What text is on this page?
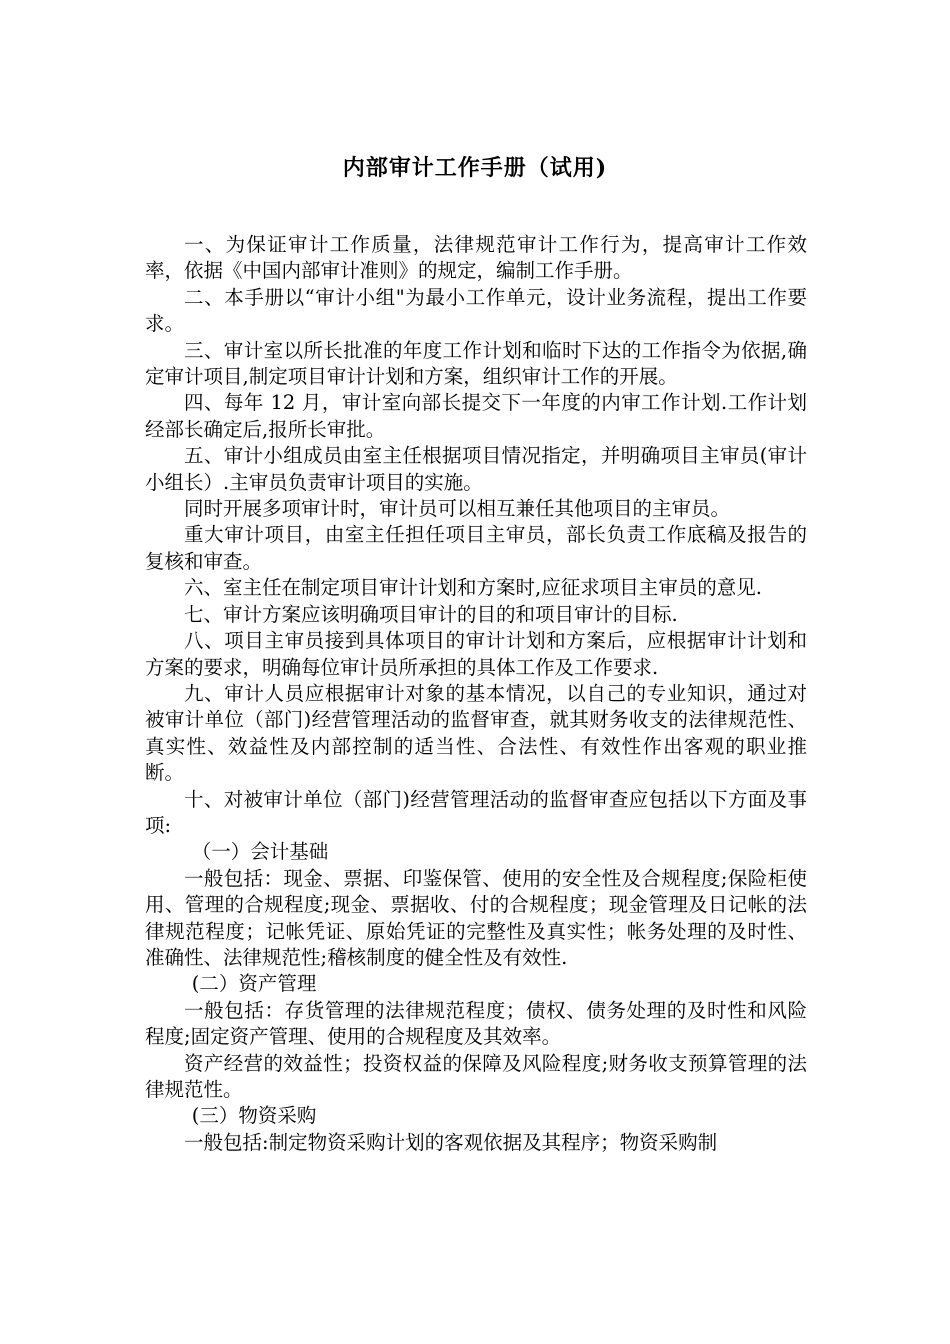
内部审计工作手册（试用)

一、为保证审计工作质量，法律规范审计工作行为，提高审计工作效率，依据《中国内部审计准则》的规定，编制工作手册。

二、本手册以“审计小组"为最小工作单元，设计业务流程，提出工作要求。

三、审计室以所长批准的年度工作计划和临时下达的工作指令为依据,确定审计项目,制定项目审计计划和方案，组织审计工作的开展。

四、每年 12 月，审计室向部长提交下一年度的内审工作计划.工作计划经部长确定后,报所长审批。

五、审计小组成员由室主任根据项目情况指定，并明确项目主审员(审计小组长）.主审员负责审计项目的实施。

同时开展多项审计时，审计员可以相互兼任其他项目的主审员。

重大审计项目，由室主任担任项目主审员，部长负责工作底稿及报告的复核和审查。

六、室主任在制定项目审计计划和方案时,应征求项目主审员的意见.

七、审计方案应该明确项目审计的目的和项目审计的目标.

八、项目主审员接到具体项目的审计计划和方案后，应根据审计计划和方案的要求，明确每位审计员所承担的具体工作及工作要求.

九、审计人员应根据审计对象的基本情况，以自己的专业知识，通过对被审计单位（部门)经营管理活动的监督审查，就其财务收支的法律规范性、真实性、效益性及内部控制的适当性、合法性、有效性作出客观的职业推断。

十、对被审计单位（部门)经营管理活动的监督审查应包括以下方面及事项:

（一）会计基础

一般包括：现金、票据、印鉴保管、使用的安全性及合规程度;保险柜使用、管理的合规程度;现金、票据收、付的合规程度；现金管理及日记帐的法律规范程度；记帐凭证、原始凭证的完整性及真实性；帐务处理的及时性、准确性、法律规范性;稽核制度的健全性及有效性.

(二）资产管理

一般包括：存货管理的法律规范程度；债权、债务处理的及时性和风险程度;固定资产管理、使用的合规程度及其效率。

资产经营的效益性；投资权益的保障及风险程度;财务收支预算管理的法律规范性。

(三）物资采购

一般包括:制定物资采购计划的客观依据及其程序；物资采购制
